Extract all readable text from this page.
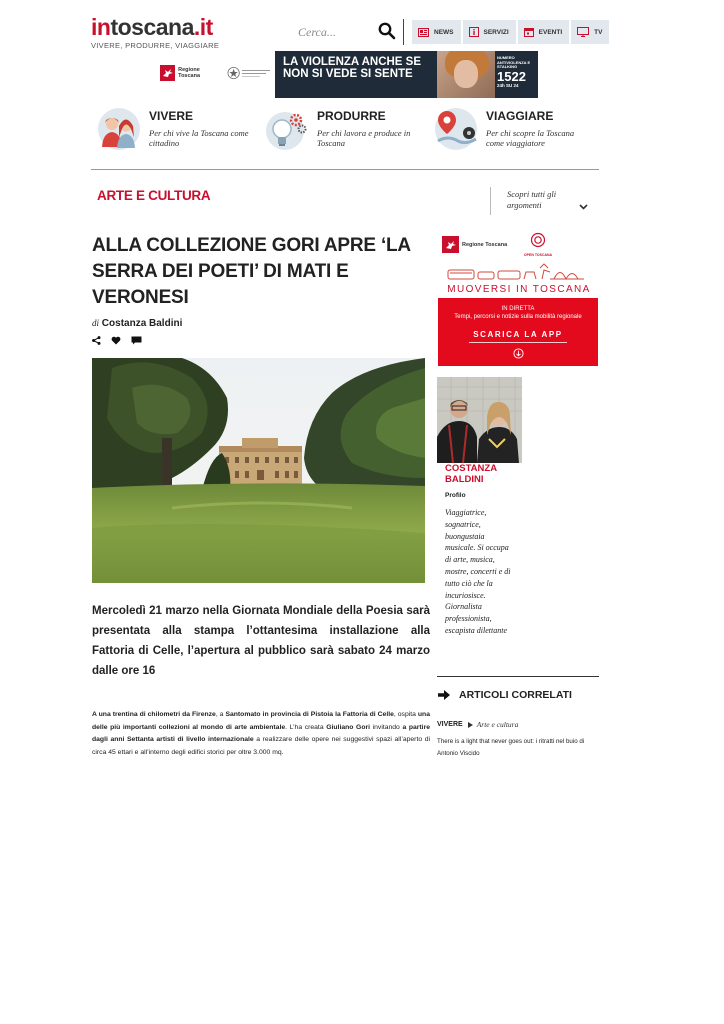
intoscana.it
VIVERE, PRODURRE, VIAGGIARE
Cerca...
NEWS	SERVIZI	EVENTI	TV
Regione Toscana
LA VIOLENZA ANCHE SE NON SI VEDE SI SENTE
NUMERO ANTIVIOLENZA E STALKING
1522
24h SU 24
VIVERE
Per chi vive la Toscana come cittadino
PRODURRE
Per chi lavora e produce in Toscana
VIAGGIARE
Per chi scopre la Toscana come viaggiatore
ARTE E CULTURA	Scopri tutti gli argomenti
ALLA COLLEZIONE GORI APRE ‘LA SERRA DEI POETI’ DI MATI E VERONESI
di Costanza Baldini

Mercoledì 21 marzo nella Giornata Mondiale della Poesia sarà presentata alla stampa l’ottantesima installazione alla Fattoria di Celle, l’apertura al pubblico sarà sabato 24 marzo dalle ore 16

A una trentina di chilometri da Firenze, a Santomato in provincia di Pistoia la Fattoria di Celle, ospita una delle più importanti collezioni al mondo di arte ambientale. L’ha creata Giuliano Gori invitando a partire dagli anni Settanta artisti di livello internazionale a realizzare delle opere nei suggestivi spazi all’aperto di circa 45 ettari e all’interno degli edifici storici per oltre 3.000 mq.

Regione Toscana
OPEN TOSCANA
MUOVERSI IN TOSCANA
IN DIRETTA
Tempi, percorsi e notizie sulla mobilità regionale
SCARICA LA APP
COSTANZA BALDINI
Profilo
Viaggiatrice, sognatrice, buongustaia musicale. Si occupa di arte, musica, mostre, concerti e di tutto ciò che la incuriosisce. Giornalista professionista, escapista dilettante
ARTICOLI CORRELATI
VIVERE Arte e cultura
There is a light that never goes out: i ritratti nel buio di Antonio Viscido
